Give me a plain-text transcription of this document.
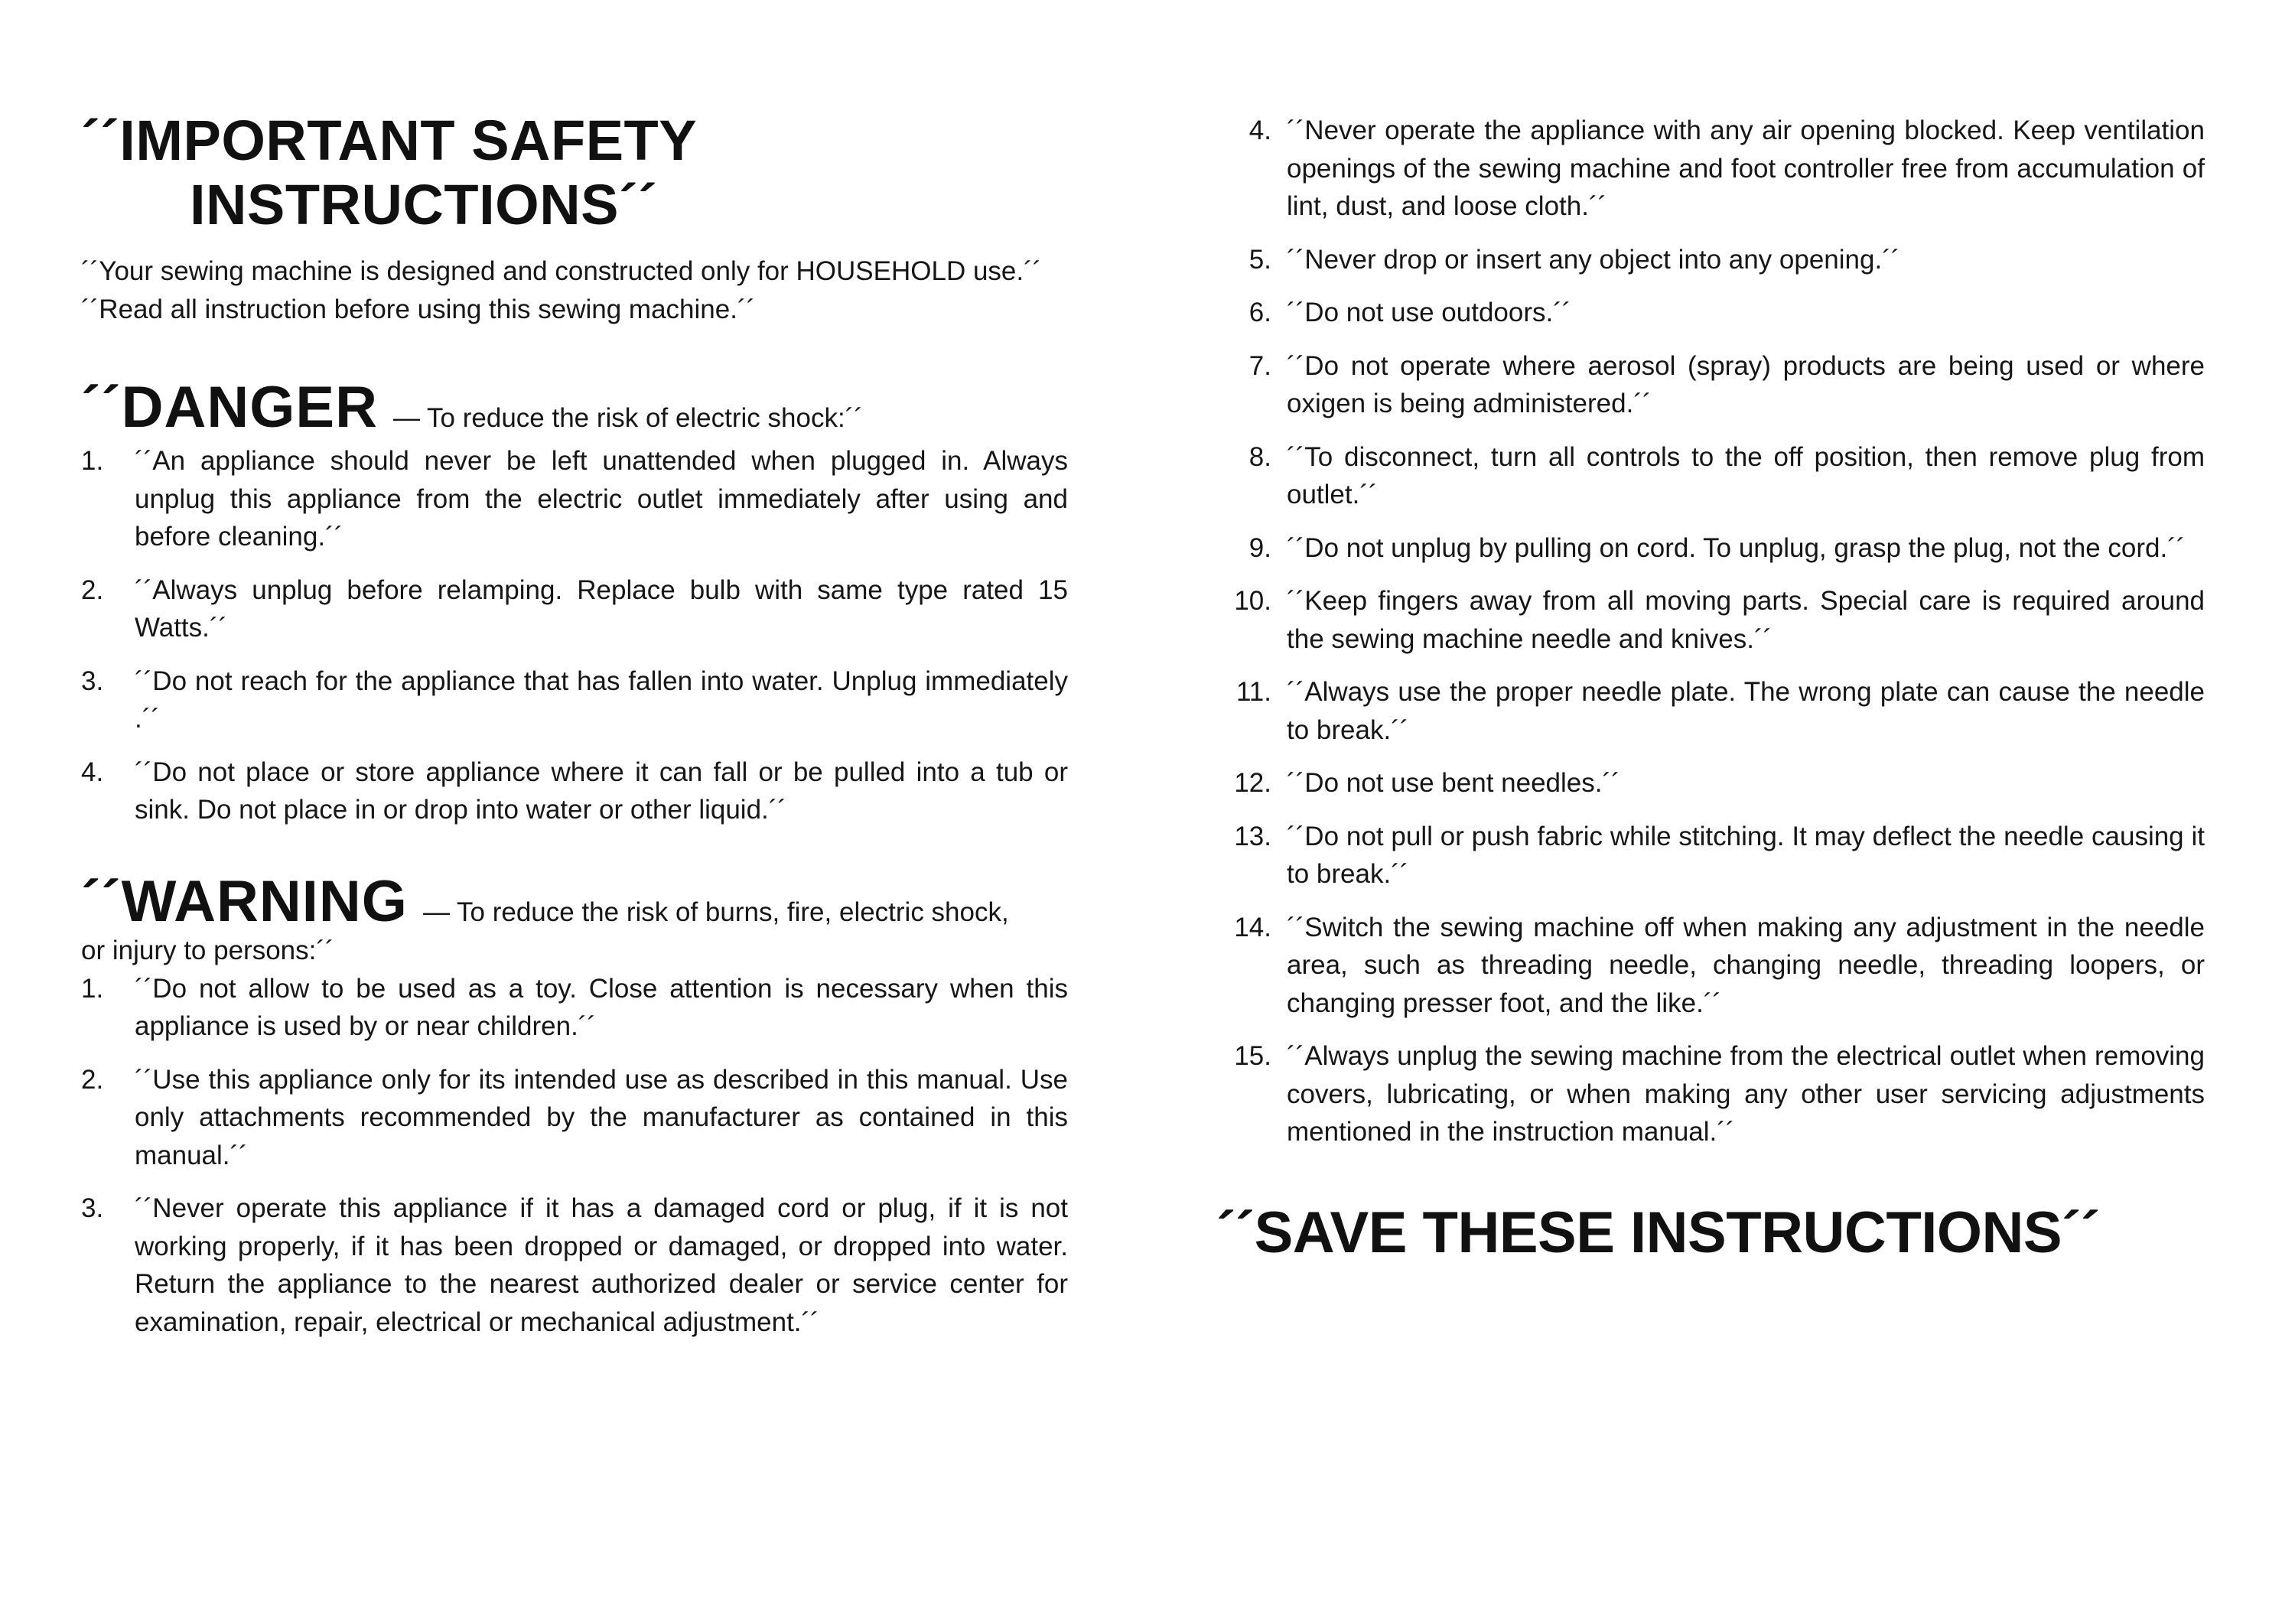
´´IMPORTANT SAFETY
INSTRUCTIONS´´

´´Your sewing machine is designed and constructed only for HOUSEHOLD use.´´

´´Read all instruction before using this sewing machine.´´

´´DANGER — To reduce the risk of electric shock:´´
1.	´´An appliance should never be left unattended when plugged in. Always unplug this appliance from the electric outlet immediately after using and before cleaning.´´
2.	´´Always unplug before relamping. Replace bulb with same type rated 15 Watts.´´
3.	´´Do not reach for the appliance that has fallen into water. Unplug immediately .´´
4.	´´Do not place or store appliance where it can fall or be pulled into a tub or sink. Do not place in or drop into water or other liquid.´´
´´WARNING — To reduce the risk of burns, fire, electric shock,
or injury to persons:´´
1.	´´Do not allow to be used as a toy. Close attention is necessary when this appliance is used by or near children.´´
2.	´´Use this appliance only for its intended use as described in this manual. Use only attachments recommended by the manufacturer as contained in this manual.´´
3.	´´Never operate this appliance if it has a damaged cord or plug, if it is not working properly, if it has been dropped or damaged, or dropped into water. Return the appliance to the nearest authorized dealer or service center for examination, repair, electrical or mechanical adjustment.´´
4. ´´Never operate the appliance with any air opening blocked. Keep ventilation openings of the sewing machine and foot controller free from accumulation of lint, dust, and loose cloth.´´
5. ´´Never drop or insert any object into any opening.´´
6. ´´Do not use outdoors.´´
7. ´´Do not operate where aerosol (spray) products are being used or where oxigen is being administered.´´
8. ´´To disconnect, turn all controls to the off position, then remove plug from outlet.´´
9. ´´Do not unplug by pulling on cord. To unplug, grasp the plug, not the cord.´´
10. ´´Keep fingers away from all moving parts. Special care is required around the sewing machine needle and knives.´´
11. ´´Always use the proper needle plate. The wrong plate can cause the needle to break.´´
12. ´´Do not use bent needles.´´
13. ´´Do not pull or push fabric while stitching. It may deflect the needle causing it to break.´´
14. ´´Switch the sewing machine off when making any adjustment in the needle area, such as threading needle, changing needle, threading loopers, or changing presser foot, and the like.´´
15. ´´Always unplug the sewing machine from the electrical outlet when removing covers, lubricating, or when making any other user servicing adjustments mentioned in the instruction manual.´´
´´SAVE THESE INSTRUCTIONS´´
